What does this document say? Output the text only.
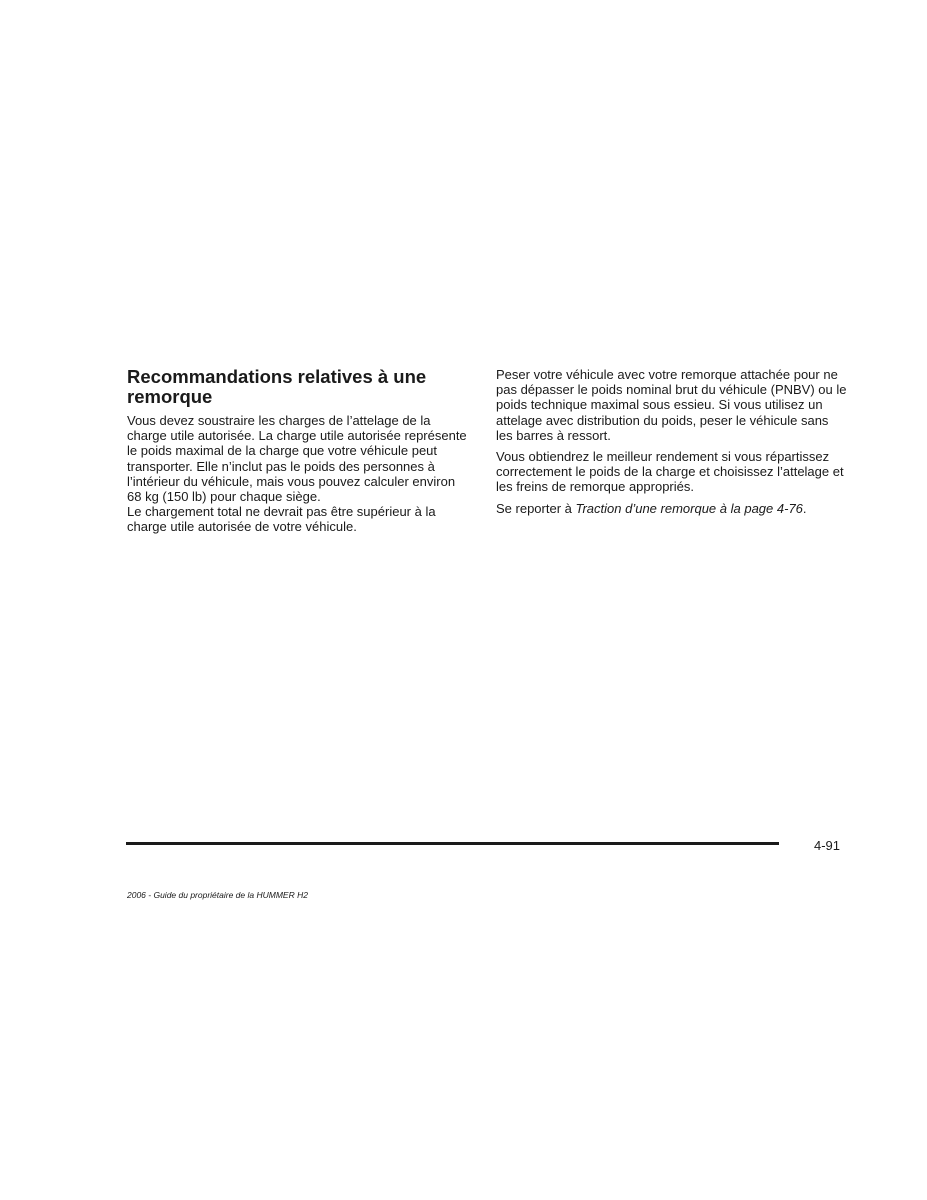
Recommandations relatives à une remorque

Vous devez soustraire les charges de l’attelage de la charge utile autorisée. La charge utile autorisée représente le poids maximal de la charge que votre véhicule peut transporter. Elle n’inclut pas le poids des personnes à l’intérieur du véhicule, mais vous pouvez calculer environ 68 kg (150 lb) pour chaque siège.

Le chargement total ne devrait pas être supérieur à la charge utile autorisée de votre véhicule.

Peser votre véhicule avec votre remorque attachée pour ne pas dépasser le poids nominal brut du véhicule (PNBV) ou le poids technique maximal sous essieu. Si vous utilisez un attelage avec distribution du poids, peser le véhicule sans les barres à ressort.

Vous obtiendrez le meilleur rendement si vous répartissez correctement le poids de la charge et choisissez l’attelage et les freins de remorque appropriés.

Se reporter à Traction d’une remorque à la page 4-76.

4-91
2006 - Guide du propriétaire de la HUMMER H2
